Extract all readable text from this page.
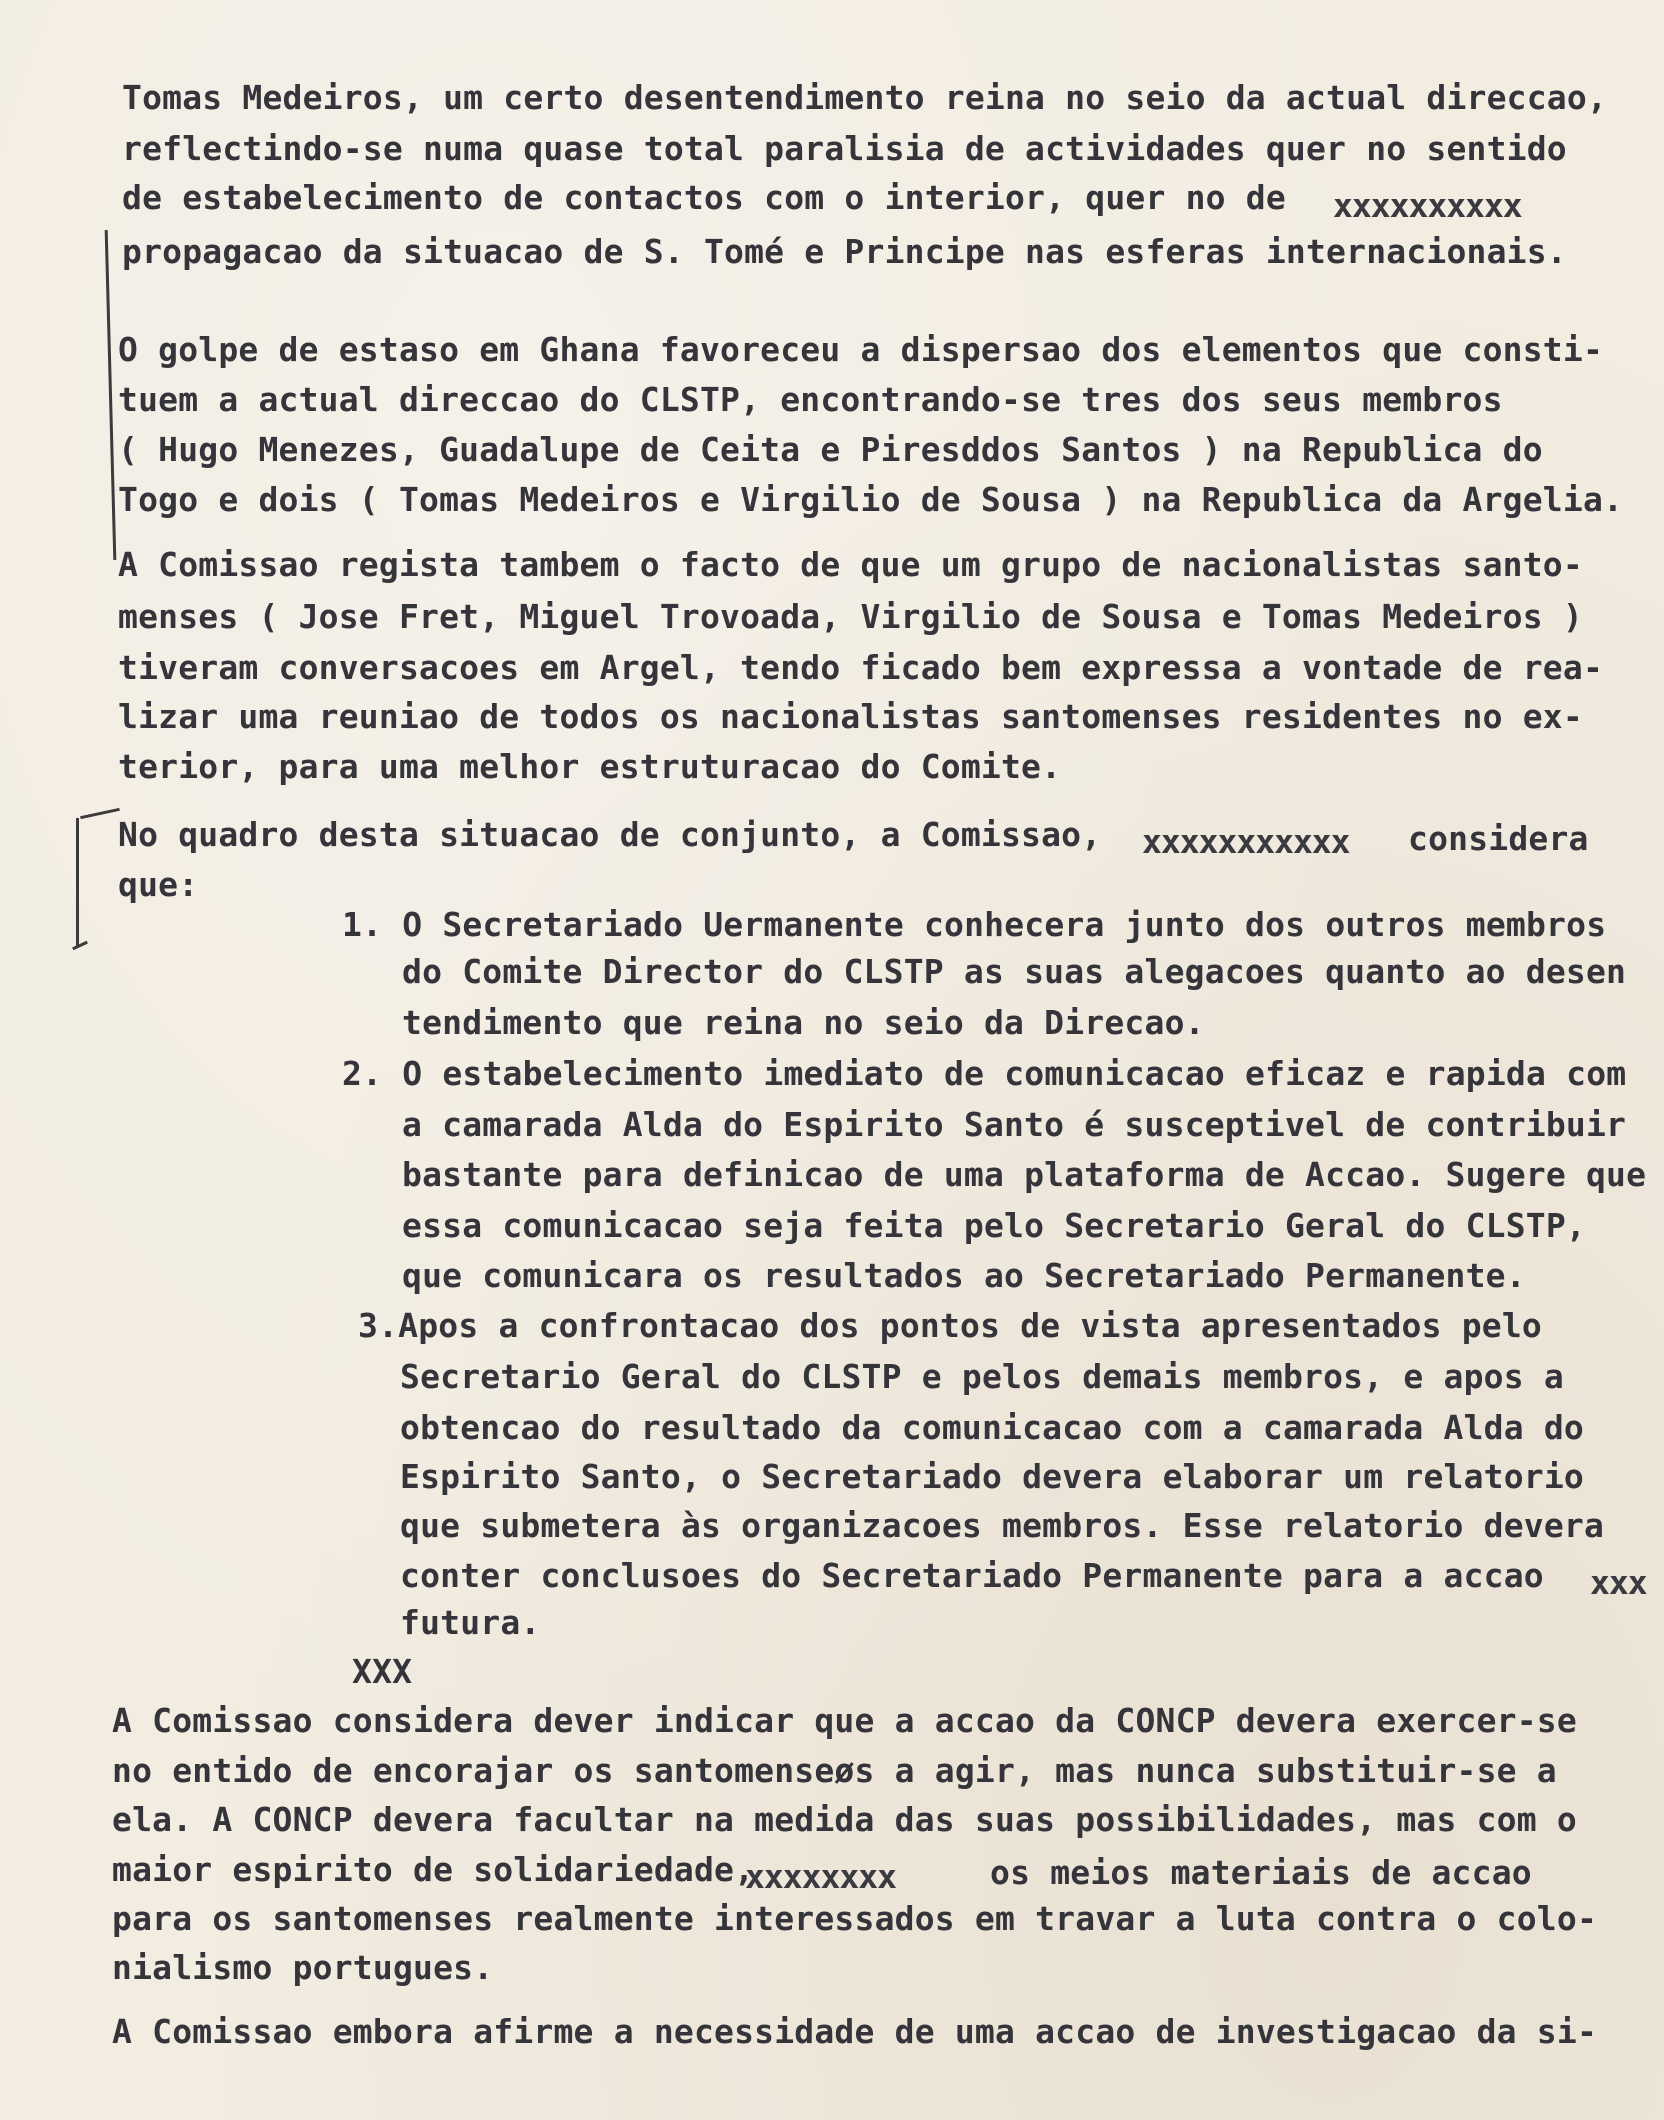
Tomas Medeiros, um certo desentendimento reina no seio da actual direccao,
reflectindo-se numa quase total paralisia de actividades quer no sentido
de estabelecimento de contactos com o interior, quer no de xxxxxxxxxx
propagacao da situacao de S. Tomé e Principe nas esferas internacionais.
O golpe de estaso em Ghana favoreceu a dispersao dos elementos que consti-
tuem a actual direccao do CLSTP, encontrando-se tres dos seus membros
( Hugo Menezes, Guadalupe de Ceita e Piresddos Santos ) na Republica do
Togo e dois ( Tomas Medeiros e Virgilio de Sousa ) na Republica da Argelia.
A Comissao regista tambem o facto de que um grupo de nacionalistas santo-
menses ( Jose Fret, Miguel Trovoada, Virgilio de Sousa e Tomas Medeiros )
tiveram conversacoes em Argel, tendo ficado bem expressa a vontade de rea-
lizar uma reuniao de todos os nacionalistas santomenses residentes no ex-
terior, para uma melhor estruturacao do Comite.
No quadro desta situacao de conjunto, a Comissao, xxxxxxxxxxx considera
que:
1. O Secretariado Uermanente conhecera junto dos outros membros
do Comite Director do CLSTP as suas alegacoes quanto ao desen
tendimento que reina no seio da Direcao.
2. O estabelecimento imediato de comunicacao eficaz e rapida com
a camarada Alda do Espirito Santo é susceptivel de contribuir
bastante para definicao de uma plataforma de Accao. Sugere que
essa comunicacao seja feita pelo Secretario Geral do CLSTP,
que comunicara os resultados ao Secretariado Permanente.
3.Apos a confrontacao dos pontos de vista apresentados pelo
Secretario Geral do CLSTP e pelos demais membros, e apos a
obtencao do resultado da comunicacao com a camarada Alda do
Espirito Santo, o Secretariado devera elaborar um relatorio
que submetera às organizacoes membros. Esse relatorio devera
conter conclusoes do Secretariado Permanente para a accao xxx
futura.
XXX
A Comissao considera dever indicar que a accao da CONCP devera exercer-se
no entido de encorajar os santomenseøs a agir, mas nunca substituir-se a
ela. A CONCP devera facultar na medida das suas possibilidades, mas com o
maior espirito de solidariedade,
xxxxxxxx	os meios materiais de accao
para os santomenses realmente interessados em travar a luta contra o colo-
nialismo portugues.
A Comissao embora afirme a necessidade de uma accao de investigacao da si-
